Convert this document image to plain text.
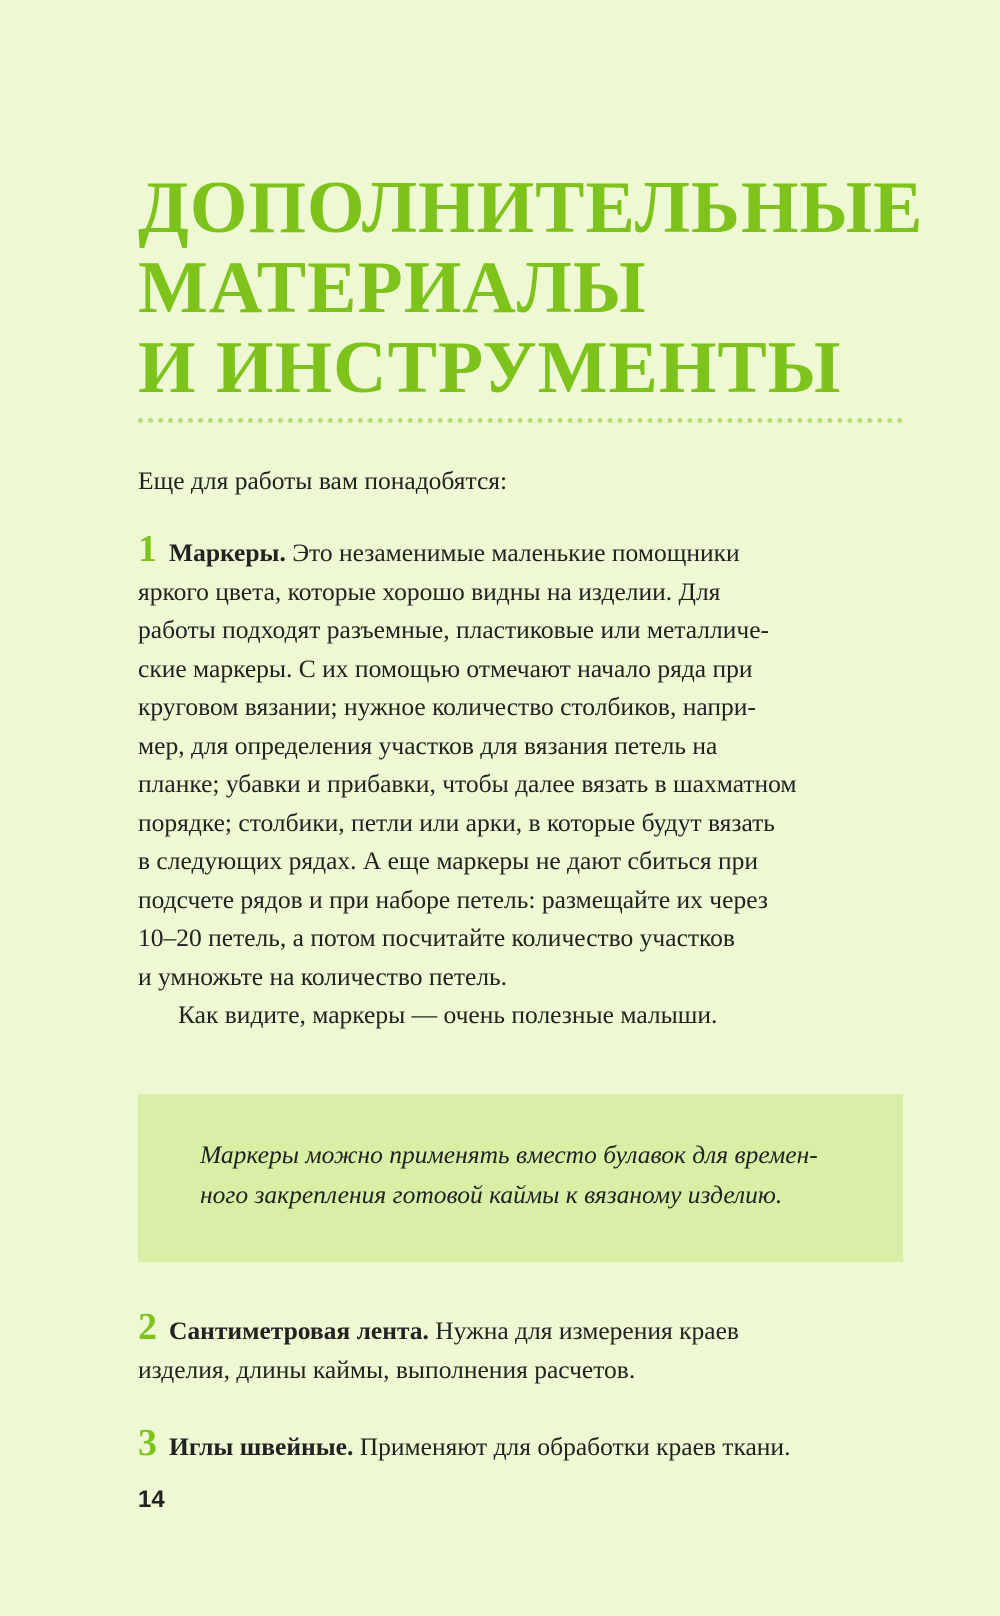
ДОПОЛНИТЕЛЬНЫЕ
МАТЕРИАЛЫ
И ИНСТРУМЕНТЫ

Еще для работы вам понадобятся:

1 Маркеры. Это незаменимые маленькие помощники
яркого цвета, которые хорошо видны на изделии. Для
работы подходят разъемные, пластиковые или металличе-
ские маркеры. С их помощью отмечают начало ряда при
круговом вязании; нужное количество столбиков, напри-
мер, для определения участков для вязания петель на
планке; убавки и прибавки, чтобы далее вязать в шахматном
порядке; столбики, петли или арки, в которые будут вязать
в следующих рядах. А еще маркеры не дают сбиться при
подсчете рядов и при наборе петель: размещайте их через
10–20 петель, а потом посчитайте количество участков
и умножьте на количество петель.
Как видите, маркеры — очень полезные малыши.

Маркеры можно применять вместо булавок для времен-
ного закрепления готовой каймы к вязаному изделию.

2 Сантиметровая лента. Нужна для измерения краев
изделия, длины каймы, выполнения расчетов.
3 Иглы швейные. Применяют для обработки краев ткани.
14
